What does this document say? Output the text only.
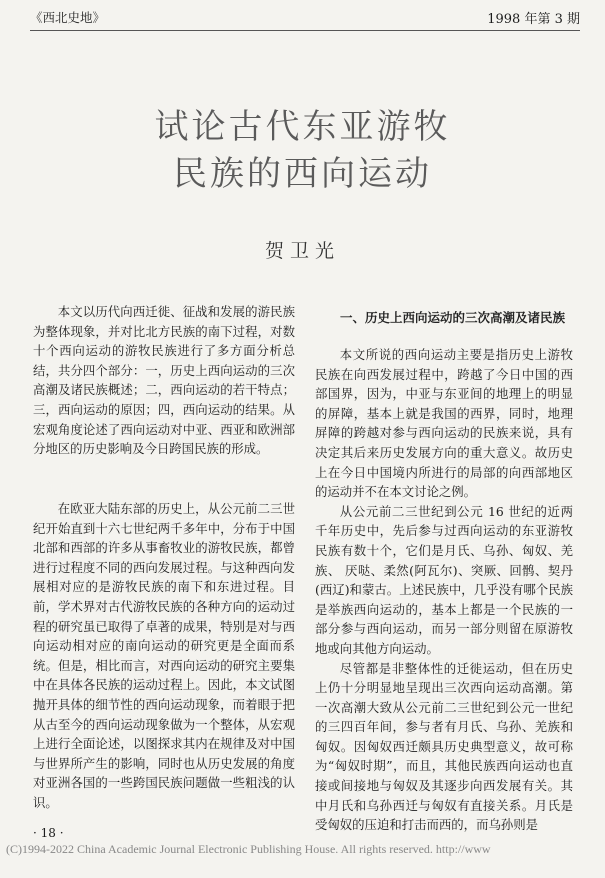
《西北史地》	1998 年第 3 期
试论古代东亚游牧
民族的西向运动
贺卫光

本文以历代向西迁徙、征战和发展的游民族为整体现象，并对比北方民族的南下过程，对数十个西向运动的游牧民族进行了多方面分析总结，共分四个部分：一，历史上西向运动的三次高潮及诸民族概述；二，西向运动的若干特点；三，西向运动的原因；四，西向运动的结果。从宏观角度论述了西向运动对中亚、西亚和欧洲部分地区的历史影响及今日跨国民族的形成。

在欧亚大陆东部的历史上，从公元前二三世纪开始直到十六七世纪两千多年中，分布于中国北部和西部的许多从事畜牧业的游牧民族，都曾进行过程度不同的西向发展过程。与这种西向发展相对应的是游牧民族的南下和东进过程。目前，学术界对古代游牧民族的各种方向的运动过程的研究虽已取得了卓著的成果，特别是对与西向运动相对应的南向运动的研究更是全面而系统。但是，相比而言，对西向运动的研究主要集中在具体各民族的运动过程上。因此，本文试图抛开具体的细节性的西向运动现象，而着眼于把从古至今的西向运动现象做为一个整体，从宏观上进行全面论述，以图探求其内在规律及对中国与世界所产生的影响，同时也从历史发展的角度对亚洲各国的一些跨国民族问题做一些粗浅的认识。

一、历史上西向运动的三次高潮及诸民族

本文所说的西向运动主要是指历史上游牧民族在向西发展过程中，跨越了今日中国的西部国界，因为，中亚与东亚间的地理上的明显的屏障，基本上就是我国的西界，同时，地理屏障的跨越对参与西向运动的民族来说，具有决定其后来历史发展方向的重大意义。故历史上在今日中国境内所进行的局部的向西部地区的运动并不在本文讨论之例。

从公元前二三世纪到公元 16 世纪的近两千年历史中，先后参与过西向运动的东亚游牧民族有数十个，它们是月氏、乌孙、匈奴、羌族、 厌哒、柔然(阿瓦尔)、突厥、回鹘、契丹(西辽)和蒙古。上述民族中，几乎没有哪个民族是举族西向运动的，基本上都是一个民族的一部分参与西向运动，而另一部分则留在原游牧地或向其他方向运动。

尽管都是非整体性的迁徙运动，但在历史上仍十分明显地呈现出三次西向运动高潮。第一次高潮大致从公元前二三世纪到公元一世纪的三四百年间，参与者有月氏、乌孙、羌族和匈奴。因匈奴西迁颇具历史典型意义，故可称为“匈奴时期”，而且，其他民族西向运动也直接或间接地与匈奴及其逐步向西发展有关。其中月氏和乌孙西迁与匈奴有直接关系。月氏是受匈奴的压迫和打击而西的，而乌孙则是

· 18 ·
(C)1994-2022 China Academic Journal Electronic Publishing House. All rights reserved. http://www
